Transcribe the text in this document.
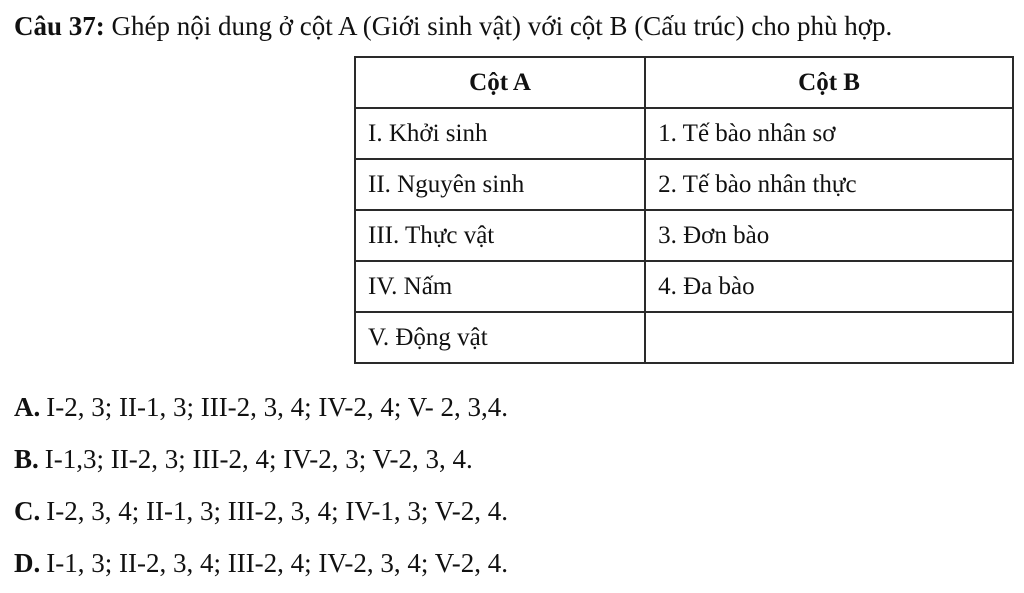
Câu 37: Ghép nội dung ở cột A (Giới sinh vật) với cột B (Cấu trúc) cho phù hợp.
Cột A	Cột B
I. Khởi sinh	1. Tế bào nhân sơ
II. Nguyên sinh	2. Tế bào nhân thực
III. Thực vật	3. Đơn bào
IV. Nấm	4. Đa bào
V. Động vật	
A. I-2, 3; II-1, 3; III-2, 3, 4; IV-2, 4; V- 2, 3,4.
B. I-1,3; II-2, 3; III-2, 4; IV-2, 3; V-2, 3, 4.
C. I-2, 3, 4; II-1, 3; III-2, 3, 4; IV-1, 3; V-2, 4.
D. I-1, 3; II-2, 3, 4; III-2, 4; IV-2, 3, 4; V-2, 4.
